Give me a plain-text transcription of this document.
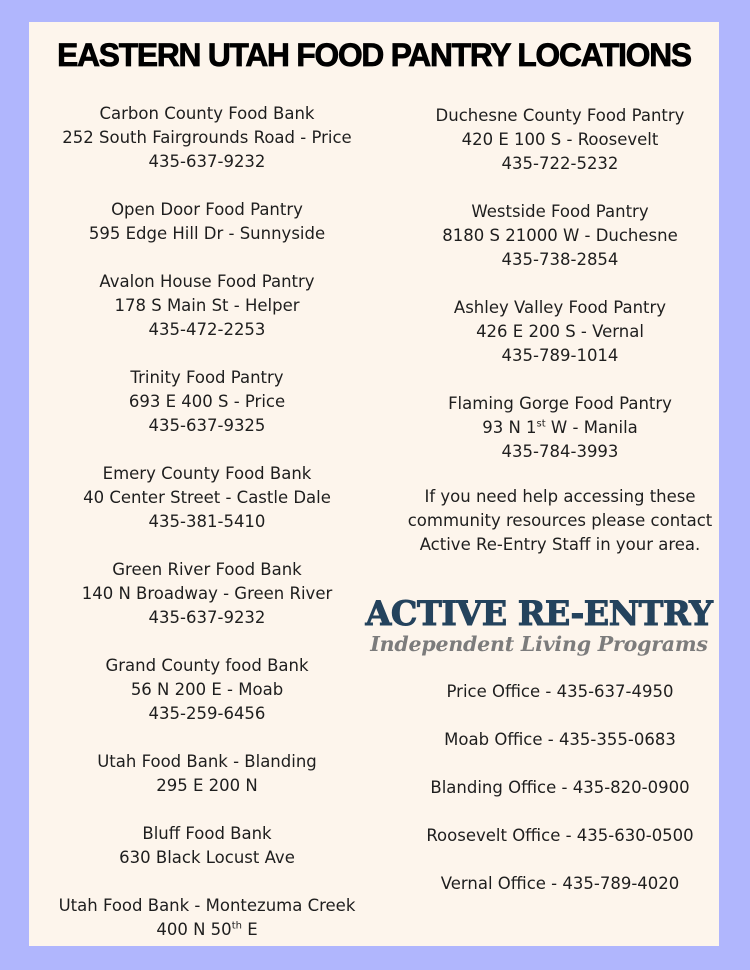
EASTERN UTAH FOOD PANTRY LOCATIONS
Carbon County Food Bank
252 South Fairgrounds Road - Price
435-637-9232
Open Door Food Pantry
595 Edge Hill Dr - Sunnyside
Avalon House Food Pantry
178 S Main St - Helper
435-472-2253
Trinity Food Pantry
693 E 400 S - Price
435-637-9325
Emery County Food Bank
40 Center Street - Castle Dale
435-381-5410
Green River Food Bank
140 N Broadway - Green River
435-637-9232
Grand County food Bank
56 N 200 E - Moab
435-259-6456
Utah Food Bank - Blanding
295 E 200 N
Bluff Food Bank
630 Black Locust Ave
Utah Food Bank - Montezuma Creek
400 N 50th E
Duchesne County Food Pantry
420 E 100 S - Roosevelt
435-722-5232
Westside Food Pantry
8180 S 21000 W - Duchesne
435-738-2854
Ashley Valley Food Pantry
426 E 200 S - Vernal
435-789-1014
Flaming Gorge Food Pantry
93 N 1st W - Manila
435-784-3993
If you need help accessing these
community resources please contact
Active Re-Entry Staff in your area.
ACTIVE RE-ENTRY
Independent Living Programs
Price Office - 435-637-4950
Moab Office - 435-355-0683
Blanding Office - 435-820-0900
Roosevelt Office - 435-630-0500
Vernal Office - 435-789-4020
